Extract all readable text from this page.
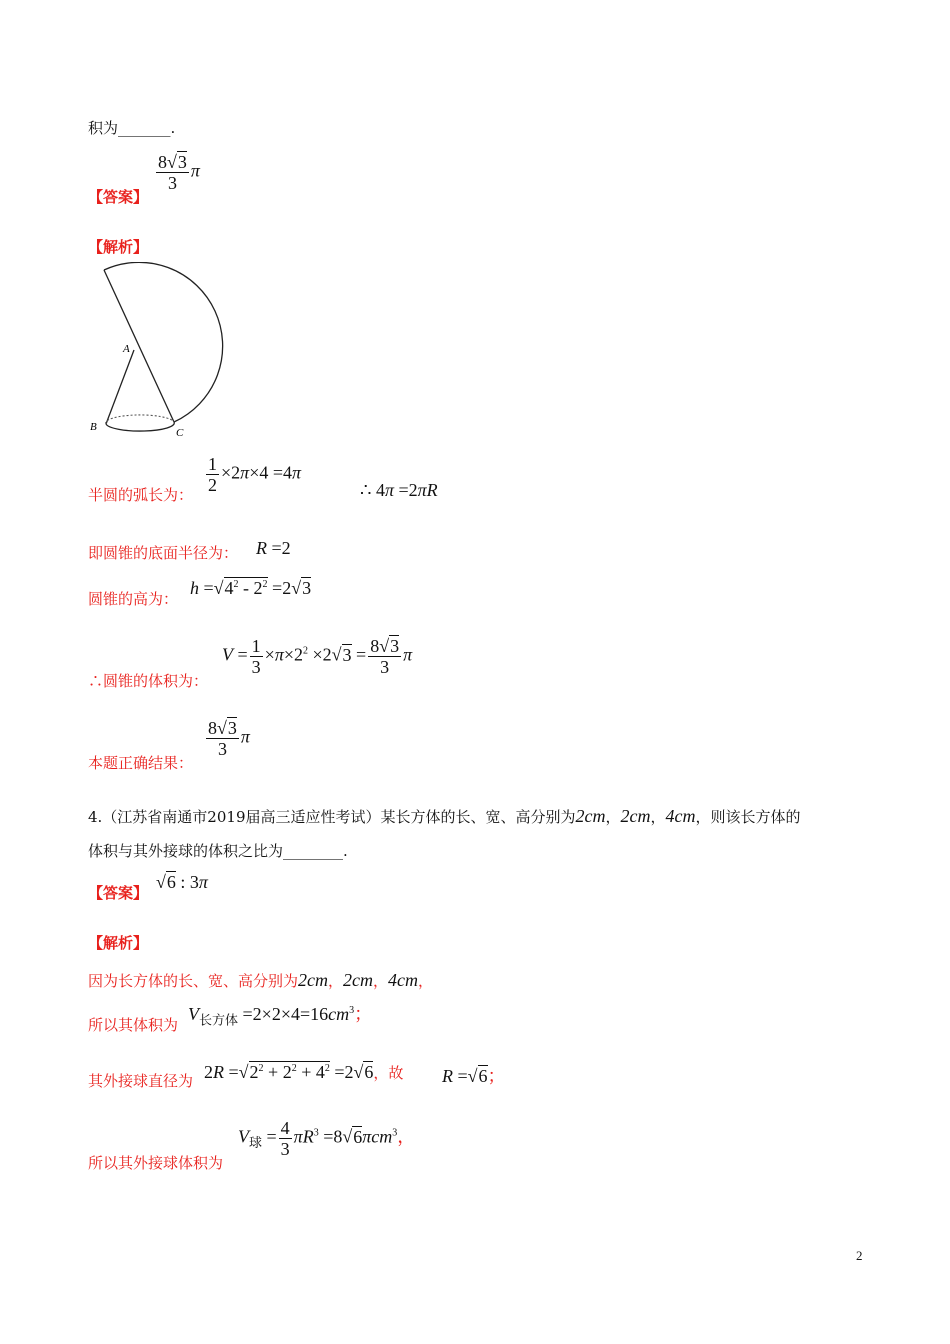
积为_______.
【答案】
$\frac{8√3}{3}$ π
【解析】
A
B	C
半圆的弧长为： $\frac{1}{2} \times 2\pi\times 4 =4\pi$
∴ 4π =2πR
即圆锥的底面半径为： R =2
圆锥的高为：
$h =√4^2 - 2^2 =2√3$
∴圆锥的体积为：
$V = \frac{1}{3} \times\pi\times 2^2 \times 2√3 = \frac{8√3}{3}$ π
本题正确结果：
$\frac{8√3}{3}$ π
4.（江苏省南通市2019届高三适应性考试）某长方体的长、宽、高分别为2cm，2cm，4cm，则该长方体的
体积与其外接球的体积之比为________.
【答案】
√6 : 3π
【解析】
因为长方体的长、宽、高分别为2cm，2cm，4cm，
所以其体积为
$V_{长方体} =2\times 2\times 4=16cm^3$；
其外接球直径为 $2R =√2^2 + 2^2 + 4^2 =2√6$，故 R =√6；
所以其外接球体积为
$V_球 = \frac{4}{3} \pi R^3 =8√6\pi cm^3$，
2
